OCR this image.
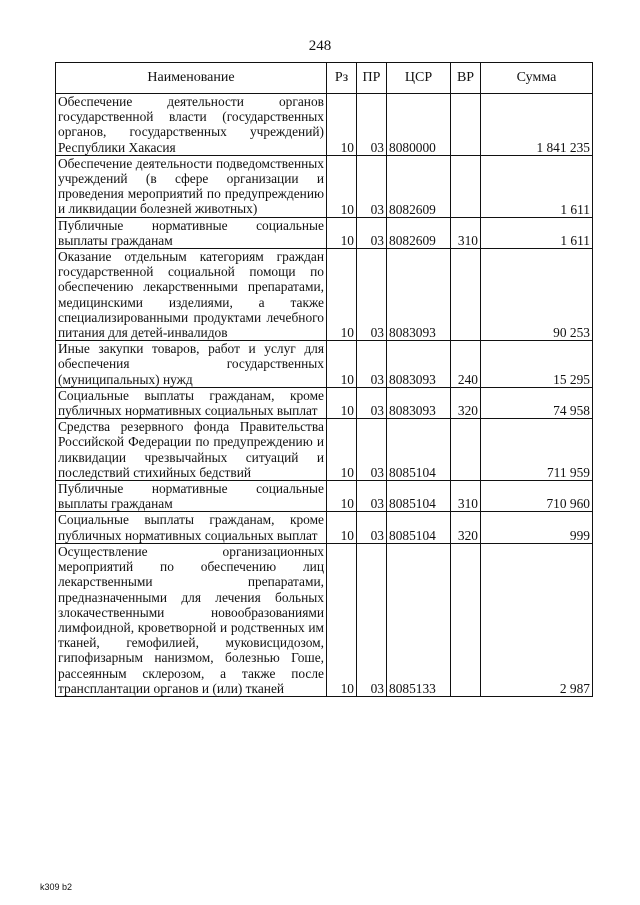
248
Наименование	Рз	ПР	ЦСР	ВР	Сумма
Обеспечение деятельности органов государственной власти (государственных органов, государственных учреждений) Республики Хакасия	10	03	8080000		1 841 235
Обеспечение деятельности подведомственных учреждений (в сфере организации и проведения мероприятий по предупреждению и ликвидации болезней животных)	10	03	8082609		1 611
Публичные нормативные социальные выплаты гражданам	10	03	8082609	310	1 611
Оказание отдельным категориям граждан государственной социальной помощи по обеспечению лекарственными препаратами, медицинскими изделиями, а также специализированными продуктами лечебного питания для детей-инвалидов	10	03	8083093		90 253
Иные закупки товаров, работ и услуг для обеспечения государственных (муниципальных) нужд	10	03	8083093	240	15 295
Социальные выплаты гражданам, кроме публичных нормативных социальных выплат	10	03	8083093	320	74 958
Средства резервного фонда Правительства Российской Федерации по предупреждению и ликвидации чрезвычайных ситуаций и последствий стихийных бедствий	10	03	8085104		711 959
Публичные нормативные социальные выплаты гражданам	10	03	8085104	310	710 960
Социальные выплаты гражданам, кроме публичных нормативных социальных выплат	10	03	8085104	320	999
Осуществление организационных мероприятий по обеспечению лиц лекарственными препаратами, предназначенными для лечения больных злокачественными новообразованиями лимфоидной, кроветворной и родственных им тканей, гемофилией, муковисцидозом, гипофизарным нанизмом, болезнью Гоше, рассеянным склерозом, а также после трансплантации органов и (или) тканей	10	03	8085133		2 987
k309 b2
